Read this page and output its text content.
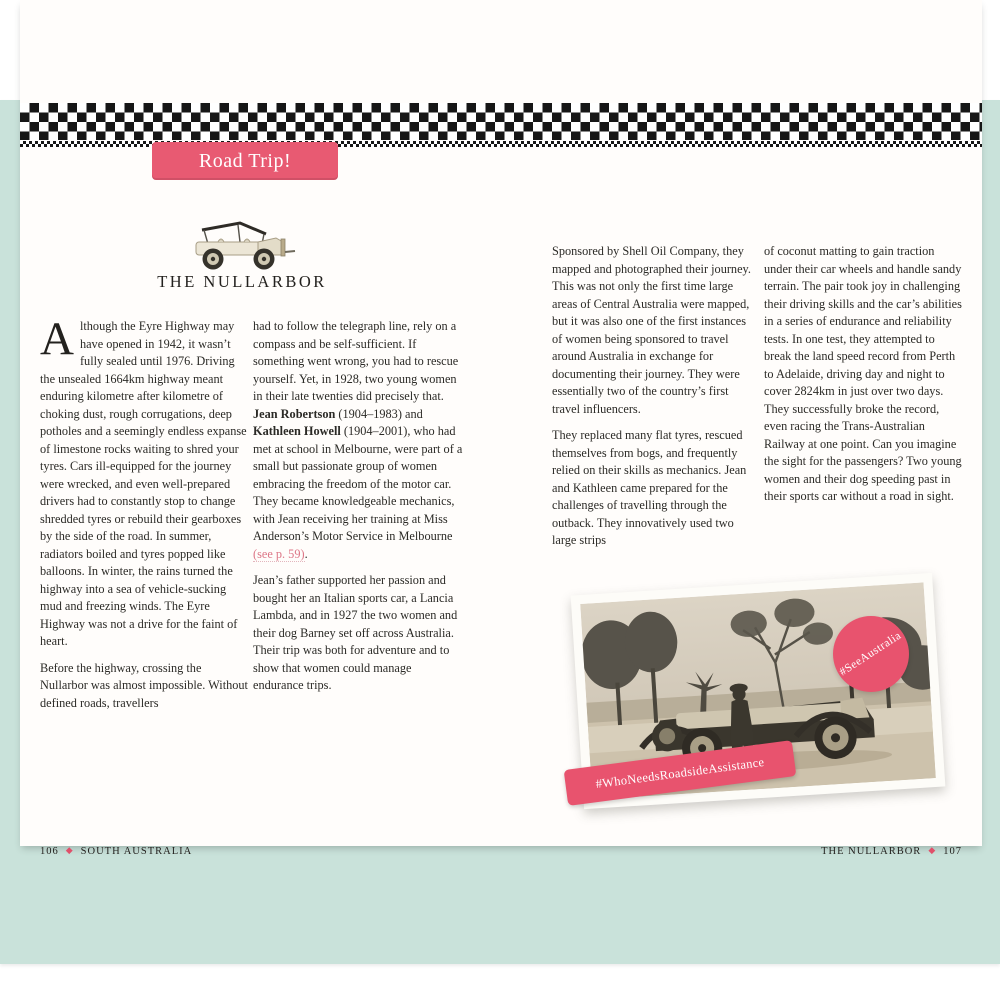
Road Trip!
THE NULLARBOR

Although the Eyre Highway may have opened in 1942, it wasn’t fully sealed until 1976. Driving the unsealed 1664km highway meant enduring kilometre after kilometre of choking dust, rough corrugations, deep potholes and a seemingly endless expanse of limestone rocks waiting to shred your tyres. Cars ill-equipped for the journey were wrecked, and even well-prepared drivers had to constantly stop to change shredded tyres or rebuild their gearboxes by the side of the road. In summer, radiators boiled and tyres popped like balloons. In winter, the rains turned the highway into a sea of vehicle-sucking mud and freezing winds. The Eyre Highway was not a drive for the faint of heart.

Before the highway, crossing the Nullarbor was almost impossible. Without defined roads, travellers

had to follow the telegraph line, rely on a compass and be self-sufficient. If something went wrong, you had to rescue yourself. Yet, in 1928, two young women in their late twenties did precisely that. Jean Robertson (1904–1983) and Kathleen Howell (1904–2001), who had met at school in Melbourne, were part of a small but passionate group of women embracing the freedom of the motor car. They became knowledgeable mechanics, with Jean receiving her training at Miss Anderson’s Motor Service in Melbourne (see p. 59).

Jean’s father supported her passion and bought her an Italian sports car, a Lancia Lambda, and in 1927 the two women and their dog Barney set off across Australia. Their trip was both for adventure and to show that women could manage endurance trips.

Sponsored by Shell Oil Company, they mapped and photographed their journey. This was not only the first time large areas of Central Australia were mapped, but it was also one of the first instances of women being sponsored to travel around Australia in exchange for documenting their journey. They were essentially two of the country’s first travel influencers.

They replaced many flat tyres, rescued themselves from bogs, and frequently relied on their skills as mechanics. Jean and Kathleen came prepared for the challenges of travelling through the outback. They innovatively used two large strips

of coconut matting to gain traction under their car wheels and handle sandy terrain. The pair took joy in challenging their driving skills and the car’s abilities in a series of endurance and reliability tests. In one test, they attempted to break the land speed record from Perth to Adelaide, driving day and night to cover 2824km in just over two days. They successfully broke the record, even racing the Trans-Australian Railway at one point. Can you imagine the sight for the passengers? Two young women and their dog speeding past in their sports car without a road in sight.

#SeeAustralia
#WhoNeedsRoadsideAssistance
106 ◆ SOUTH AUSTRALIA	THE NULLARBOR ◆ 107
